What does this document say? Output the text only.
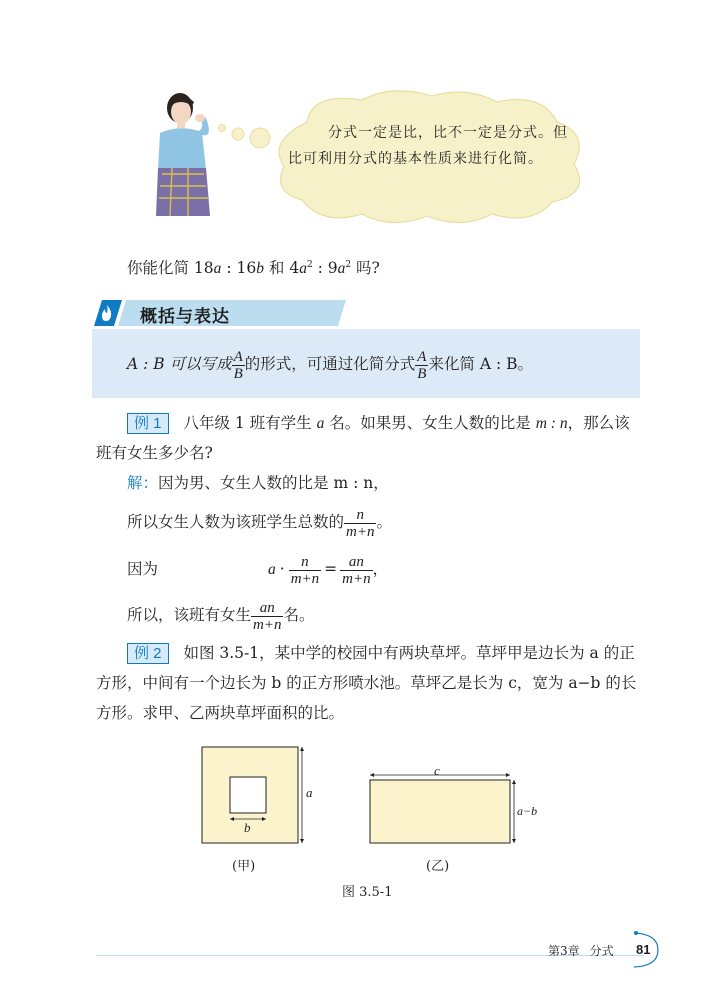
分式一定是比，比不一定是分式。但
比可利用分式的基本性质来进行化简。
你能化简 18a : 16b 和 $4a^2$ : $9a^2$ 吗?
概括与表达
A : B 可以写成 $\frac{A}{B}$ 的形式，可通过化简分式 $\frac{A}{B}$ 来化简 A : B。
例 1 八年级 1 班有学生 a 名。如果男、女生人数的比是 m : n，那么该
班有女生多少名?
解：因为男、女生人数的比是 m : n，
所以女生人数为该班学生总数的 $\frac{n}{m+n}$ 。
因为	$a \cdot \frac{n}{m+n} = \frac{an}{m+n}$ ，
所以，该班有女生 $\frac{an}{m+n}$ 名。
例 2 如图 3.5-1，某中学的校园中有两块草坪。草坪甲是边长为 a 的正
方形，中间有一个边长为 b 的正方形喷水池。草坪乙是长为 c，宽为 a−b 的长
方形。求甲、乙两块草坪面积的比。
a
b
c
a−b
(甲)	(乙)
图 3.5-1
第3章 分式 81
